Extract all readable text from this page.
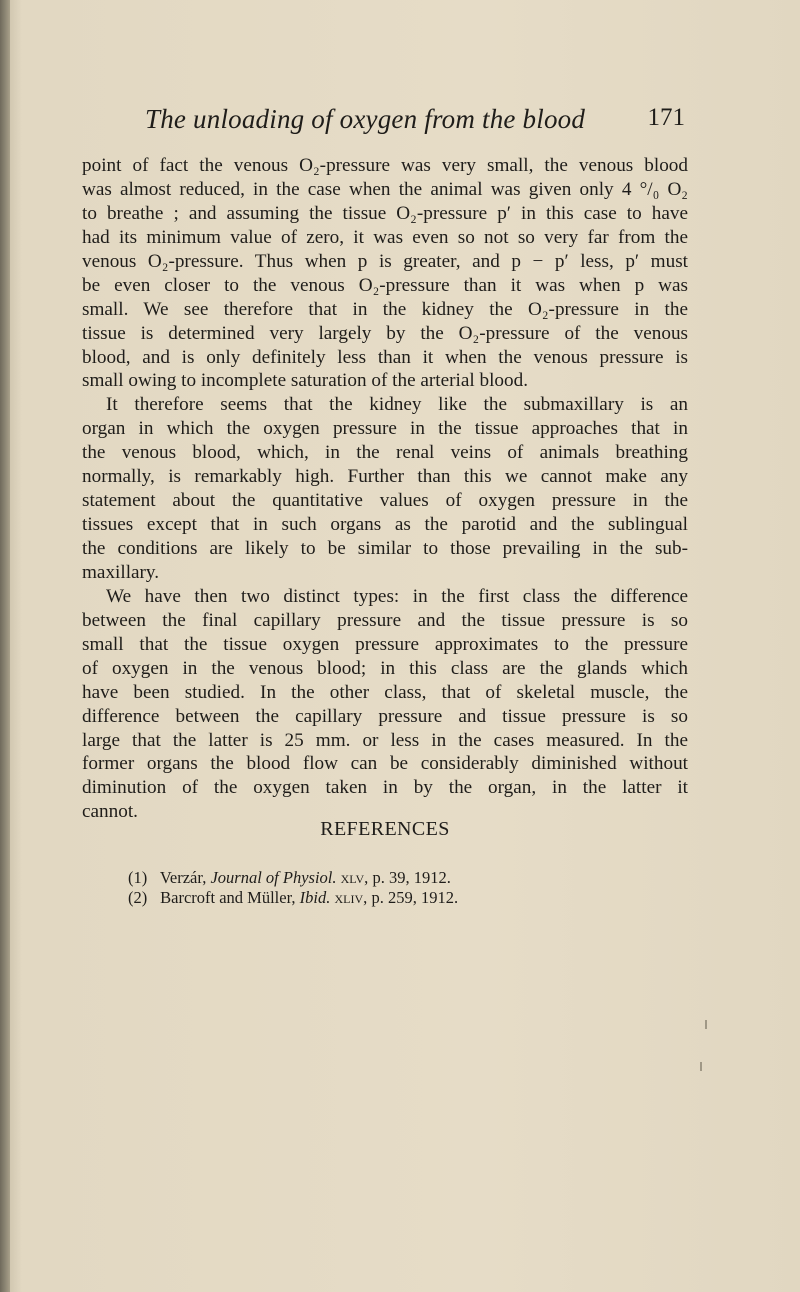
The unloading of oxygen from the blood 171
point of fact the venous O₂-pressure was very small, the venous blood
was almost reduced, in the case when the animal was given only 4 °/₀ O₂
to breathe ; and assuming the tissue O₂-pressure p′ in this case to have
had its minimum value of zero, it was even so not so very far from the
venous O₂-pressure. Thus when p is greater, and p − p′ less, p′ must
be even closer to the venous O₂-pressure than it was when p was
small. We see therefore that in the kidney the O₂-pressure in the
tissue is determined very largely by the O₂-pressure of the venous
blood, and is only definitely less than it when the venous pressure is
small owing to incomplete saturation of the arterial blood.
It therefore seems that the kidney like the submaxillary is an
organ in which the oxygen pressure in the tissue approaches that in
the venous blood, which, in the renal veins of animals breathing
normally, is remarkably high. Further than this we cannot make any
statement about the quantitative values of oxygen pressure in the
tissues except that in such organs as the parotid and the sublingual
the conditions are likely to be similar to those prevailing in the sub-
maxillary.
We have then two distinct types: in the first class the difference
between the final capillary pressure and the tissue pressure is so
small that the tissue oxygen pressure approximates to the pressure
of oxygen in the venous blood; in this class are the glands which
have been studied. In the other class, that of skeletal muscle, the
difference between the capillary pressure and tissue pressure is so
large that the latter is 25 mm. or less in the cases measured. In the
former organs the blood flow can be considerably diminished without
diminution of the oxygen taken in by the organ, in the latter it
cannot.
REFERENCES
(1) Verzár, Journal of Physiol. xlv, p. 39, 1912.
(2) Barcroft and Müller, Ibid. xliv, p. 259, 1912.
